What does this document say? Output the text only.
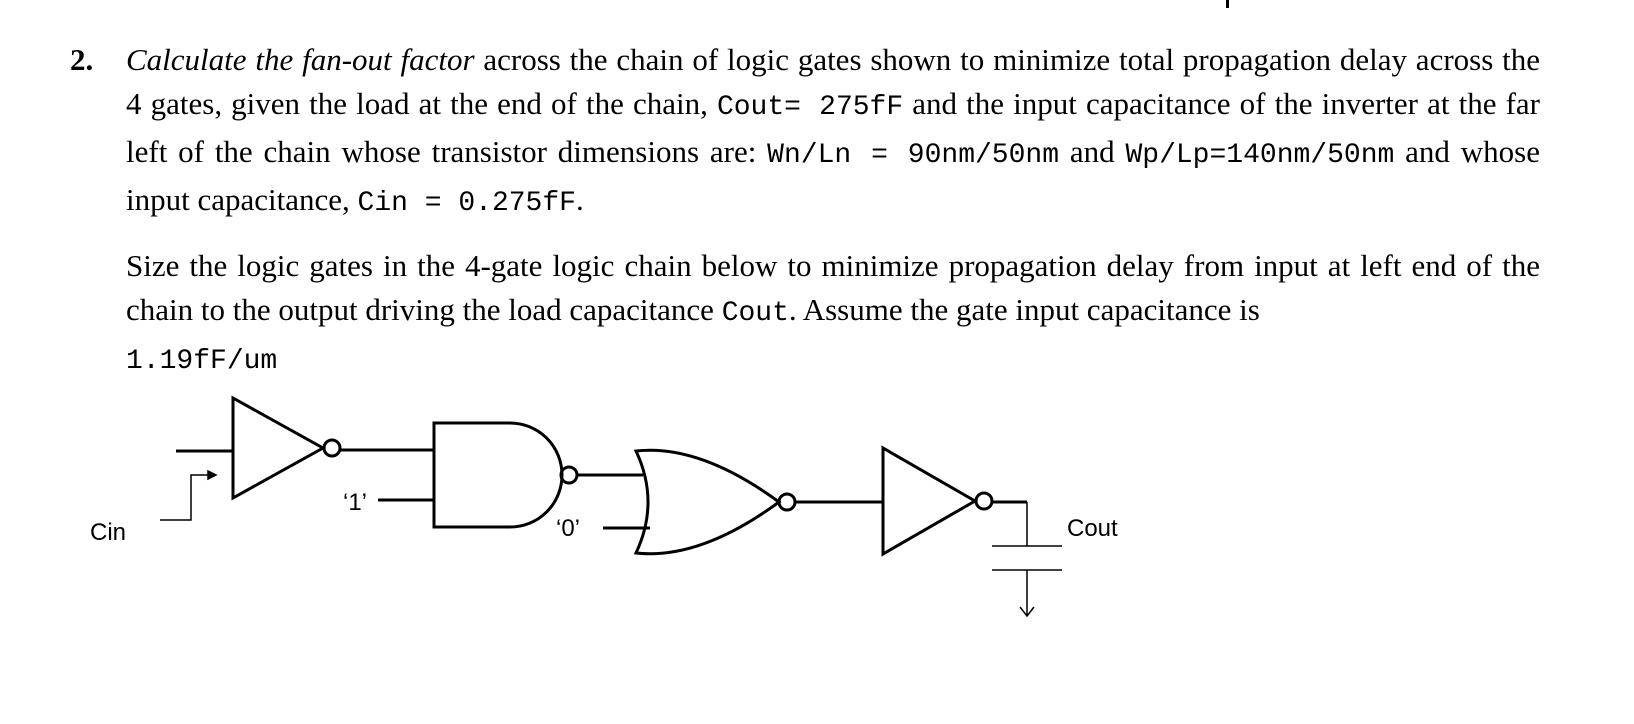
2. Calculate the fan-out factor across the chain of logic gates shown to minimize total propagation delay across the 4 gates, given the load at the end of the chain, Cout= 275fF and the input capacitance of the inverter at the far left of the chain whose transistor dimensions are: Wn/Ln = 90nm/50nm and Wp/Lp=140nm/50nm and whose input capacitance, Cin = 0.275fF.
Size the logic gates in the 4-gate logic chain below to minimize propagation delay from input at left end of the chain to the output driving the load capacitance Cout. Assume the gate input capacitance is
1.19fF/um
Cin	Cout
‘1’
‘0’
